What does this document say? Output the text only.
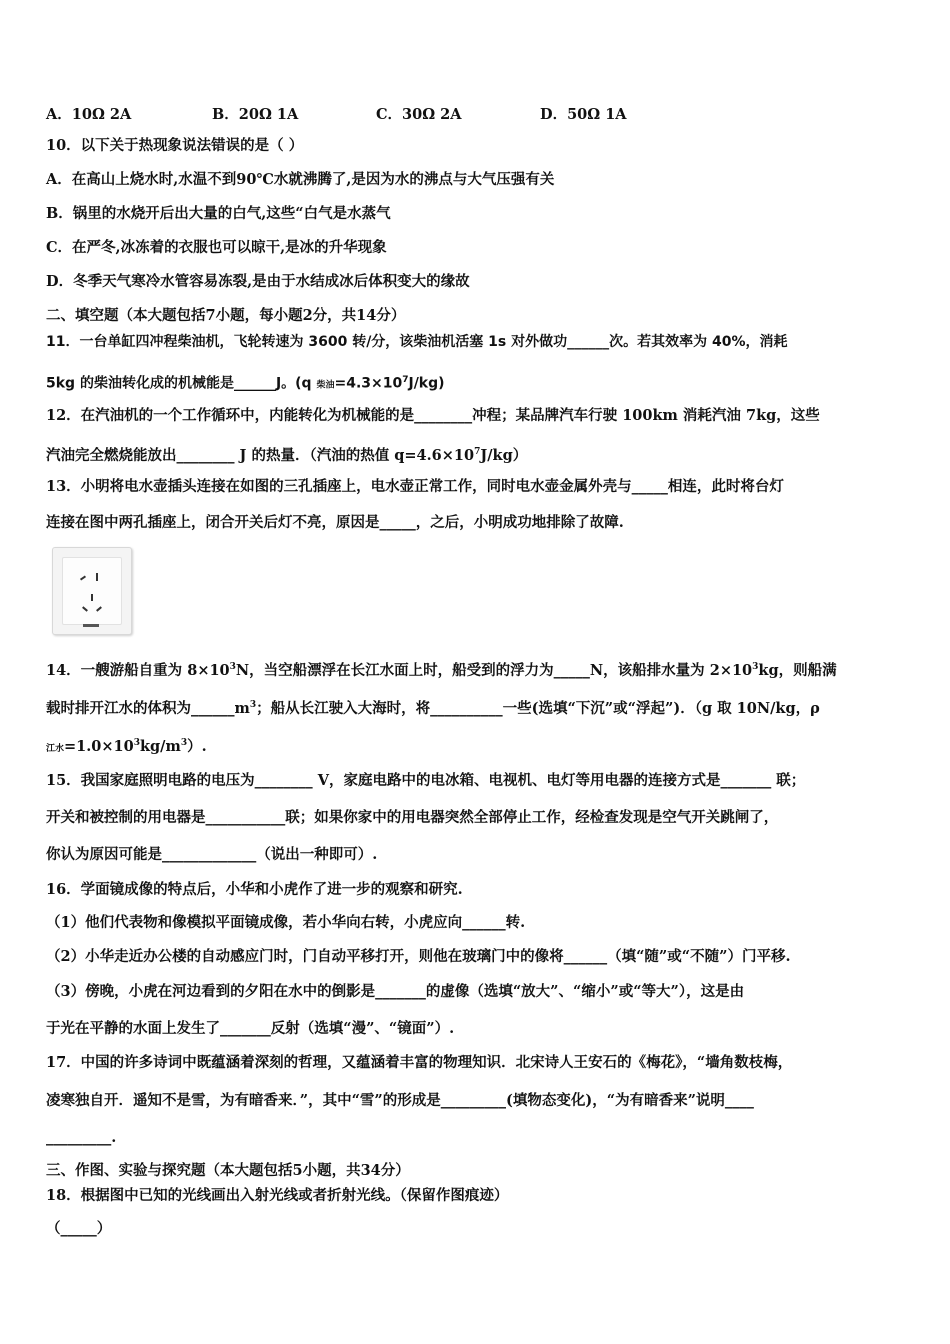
A．10Ω 2A	B．20Ω 1A	C．30Ω 2A	D．50Ω 1A
10．以下关于热现象说法错误的是（ ）
A．在高山上烧水时,水温不到90℃水就沸腾了,是因为水的沸点与大气压强有关
B．锅里的水烧开后出大量的白气,这些“白气是水蒸气
C．在严冬,冰冻着的衣服也可以晾干,是冰的升华现象
D．冬季天气寒冷水管容易冻裂,是由于水结成冰后体积变大的缘故
二、填空题（本大题包括7小题，每小题2分，共14分）
11．一台单缸四冲程柴油机，飞轮转速为 3600 转/分，该柴油机活塞 1s 对外做功______次。若其效率为 40%，消耗
5kg 的柴油转化成的机械能是______J。(q 柴油$=4.3\times 10^7J/kg$)
12．在汽油机的一个工作循环中，内能转化为机械能的是________冲程；某品牌汽车行驶 100km 消耗汽油 7kg，这些
汽油完全燃烧能放出________ J 的热量．（汽油的热值 $q=4.6\times 10^7J/kg$）
13．小明将电水壶插头连接在如图的三孔插座上，电水壶正常工作，同时电水壶金属外壳与_____相连，此时将台灯
连接在图中两孔插座上，闭合开关后灯不亮，原因是_____，之后，小明成功地排除了故障.
14．一艘游船自重为 $8\times 10^3N$，当空船漂浮在长江水面上时，船受到的浮力为_____N，该船排水量为 $2\times 10^3kg$，则船满
载时排开江水的体积为$\_\_\_\_\_\_m^3$；船从长江驶入大海时，将__________一些(选填“下沉”或“浮起”)．（g 取 10N/kg，ρ
江水$=1.0\times 10^3kg/m^3$）.
15．我国家庭照明电路的电压为________ V，家庭电路中的电冰箱、电视机、电灯等用电器的连接方式是_______ 联；
开关和被控制的用电器是___________联；如果你家中的用电器突然全部停止工作，经检查发现是空气开关跳闸了，
你认为原因可能是_____________（说出一种即可）.
16．学面镜成像的特点后，小华和小虎作了进一步的观察和研究.
（1）他们代表物和像模拟平面镜成像，若小华向右转，小虎应向______转.
（2）小华走近办公楼的自动感应门时，门自动平移打开，则他在玻璃门中的像将______（填“随”或“不随”）门平移.
（3）傍晚，小虎在河边看到的夕阳在水中的倒影是_______的虚像（选填“放大”、“缩小”或“等大”），这是由
于光在平静的水面上发生了_______反射（选填“漫”、“镜面”）.
17．中国的许多诗词中既蕴涵着深刻的哲理，又蕴涵着丰富的物理知识．北宋诗人王安石的《梅花》，“墙角数枝梅，
凌寒独自开．遥知不是雪，为有暗香来．”，其中“雪”的形成是_________(填物态变化)，“为有暗香来”说明____
_________.
三、作图、实验与探究题（本大题包括5小题，共34分）
18．根据图中已知的光线画出入射光线或者折射光线。（保留作图痕迹）
（_____）
